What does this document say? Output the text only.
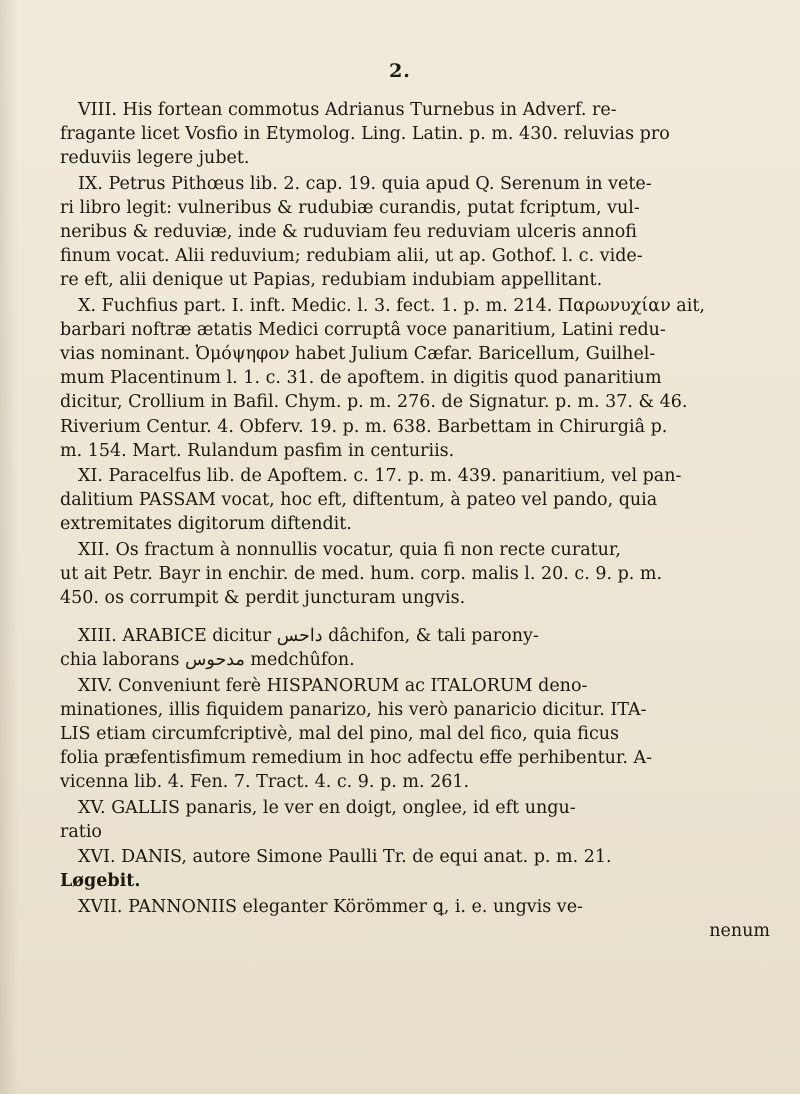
2.

VIII. His fortean commotus Adrianus Turnebus in Adverf. re-
fragante licet Vosfio in Etymolog. Ling. Latin. p. m. 430. reluvias pro
reduviis legere jubet.

IX. Petrus Pithœus lib. 2. cap. 19. quia apud Q. Serenum in vete-
ri libro legit: vulneribus & rudubiæ curandis, putat fcriptum, vul-
neribus & reduviæ, inde & ruduviam feu reduviam ulceris annofi
finum vocat. Alii reduvium; redubiam alii, ut ap. Gothof. l. c. vide-
re eft, alii denique ut Papias, redubiam indubiam appellitant.

X. Fuchfius part. I. inft. Medic. l. 3. fect. 1. p. m. 214. Παρωνυχίαν ait,
barbari noftræ ætatis Medici corruptâ voce panaritium, Latini redu-
vias nominant. Ὀμόψηφον habet Julium Cæfar. Baricellum, Guilhel-
mum Placentinum l. 1. c. 31. de apoftem. in digitis quod panaritium
dicitur, Crollium in Bafil. Chym. p. m. 276. de Signatur. p. m. 37. & 46.
Riverium Centur. 4. Obferv. 19. p. m. 638. Barbettam in Chirurgiâ p.
m. 154. Mart. Rulandum pasfim in centuriis.

XI. Paracelfus lib. de Apoftem. c. 17. p. m. 439. panaritium, vel pan-
dalitium PASSAM vocat, hoc eft, diftentum, à pateo vel pando, quia
extremitates digitorum diftendit.

XII. Os fractum à nonnullis vocatur, quia fi non recte curatur,
ut ait Petr. Bayr in enchir. de med. hum. corp. malis l. 20. c. 9. p. m.
450. os corrumpit & perdit juncturam ungvis.

XIII. ARABICE dicitur داحس dâchifon, & tali parony-
chia laborans مدحوس medchûfon.

XIV. Conveniunt ferè HISPANORUM ac ITALORUM deno-
minationes, illis fiquidem panarizo, his verò panaricio dicitur. ITA-
LIS etiam circumfcriptivè, mal del pino, mal del fico, quia ficus
folia præfentisfimum remedium in hoc adfectu effe perhibentur. A-
vicenna lib. 4. Fen. 7. Tract. 4. c. 9. p. m. 261.

XV. GALLIS panaris, le ver en doigt, onglee, id eft ungu-
ratio

XVI. DANIS, autore Simone Paulli Tr. de equi anat. p. m. 21.
Løgebit.

XVII. PANNONIIS eleganter Körömmer ꝗ, i. e. ungvis ve-

nenum
